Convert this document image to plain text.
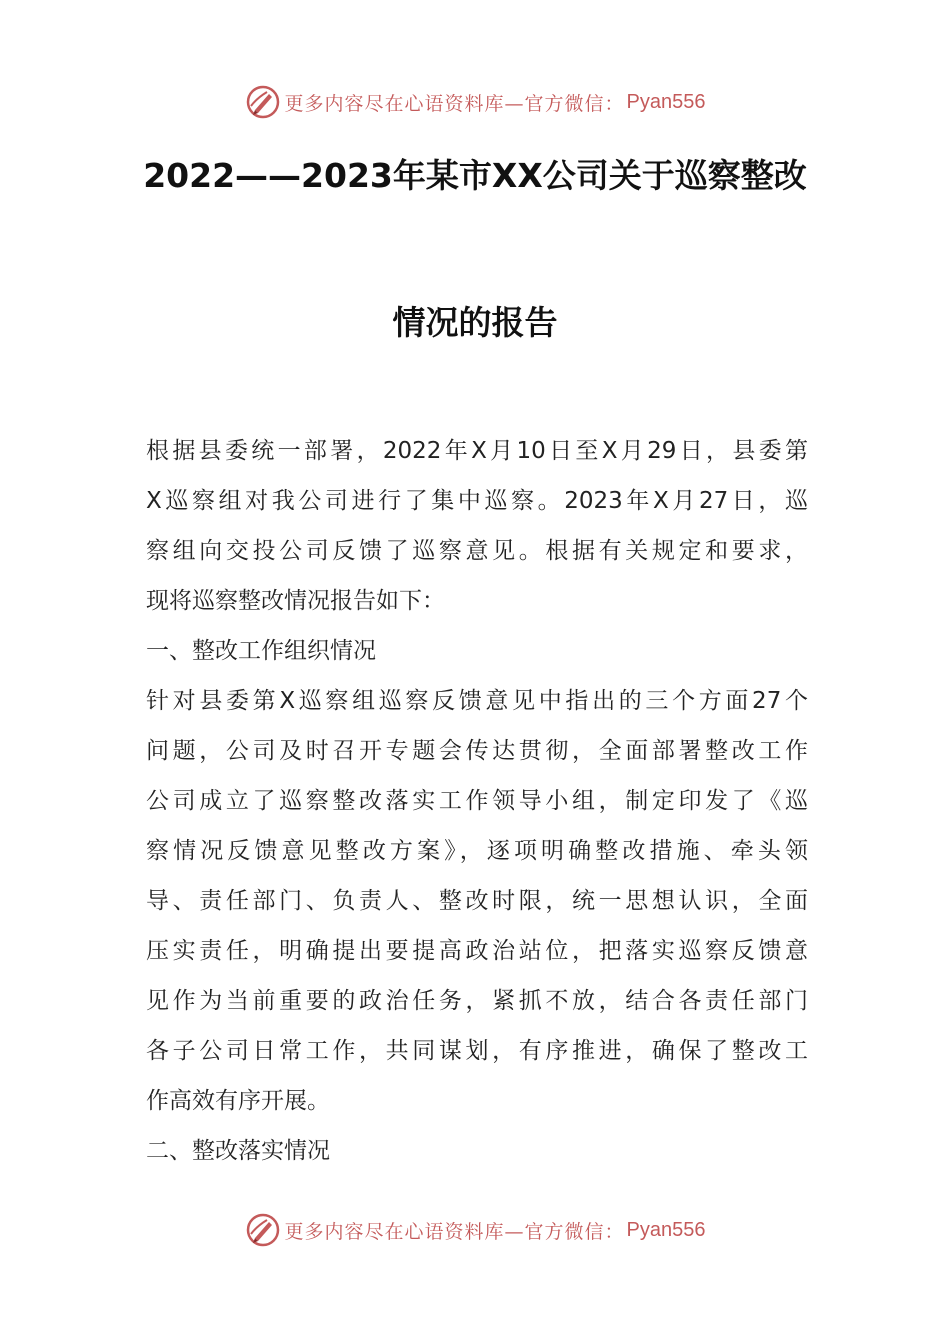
更多内容尽在心语资料库—官方微信： Pyan556
2022——2023年某市XX公司关于巡察整改
情况的报告
根据县委统一部署，2022年X月10日至X月29日，县委第
X巡察组对我公司进行了集中巡察。2023年X月27日，巡
察组向交投公司反馈了巡察意见。根据有关规定和要求，
现将巡察整改情况报告如下：
一、整改工作组织情况
针对县委第X巡察组巡察反馈意见中指出的三个方面27个
问题，公司及时召开专题会传达贯彻，全面部署整改工作
公司成立了巡察整改落实工作领导小组，制定印发了《巡
察情况反馈意见整改方案》，逐项明确整改措施、牵头领
导、责任部门、负责人、整改时限，统一思想认识，全面
压实责任，明确提出要提高政治站位，把落实巡察反馈意
见作为当前重要的政治任务，紧抓不放，结合各责任部门
各子公司日常工作，共同谋划，有序推进，确保了整改工
作高效有序开展。
二、整改落实情况
更多内容尽在心语资料库—官方微信： Pyan556
